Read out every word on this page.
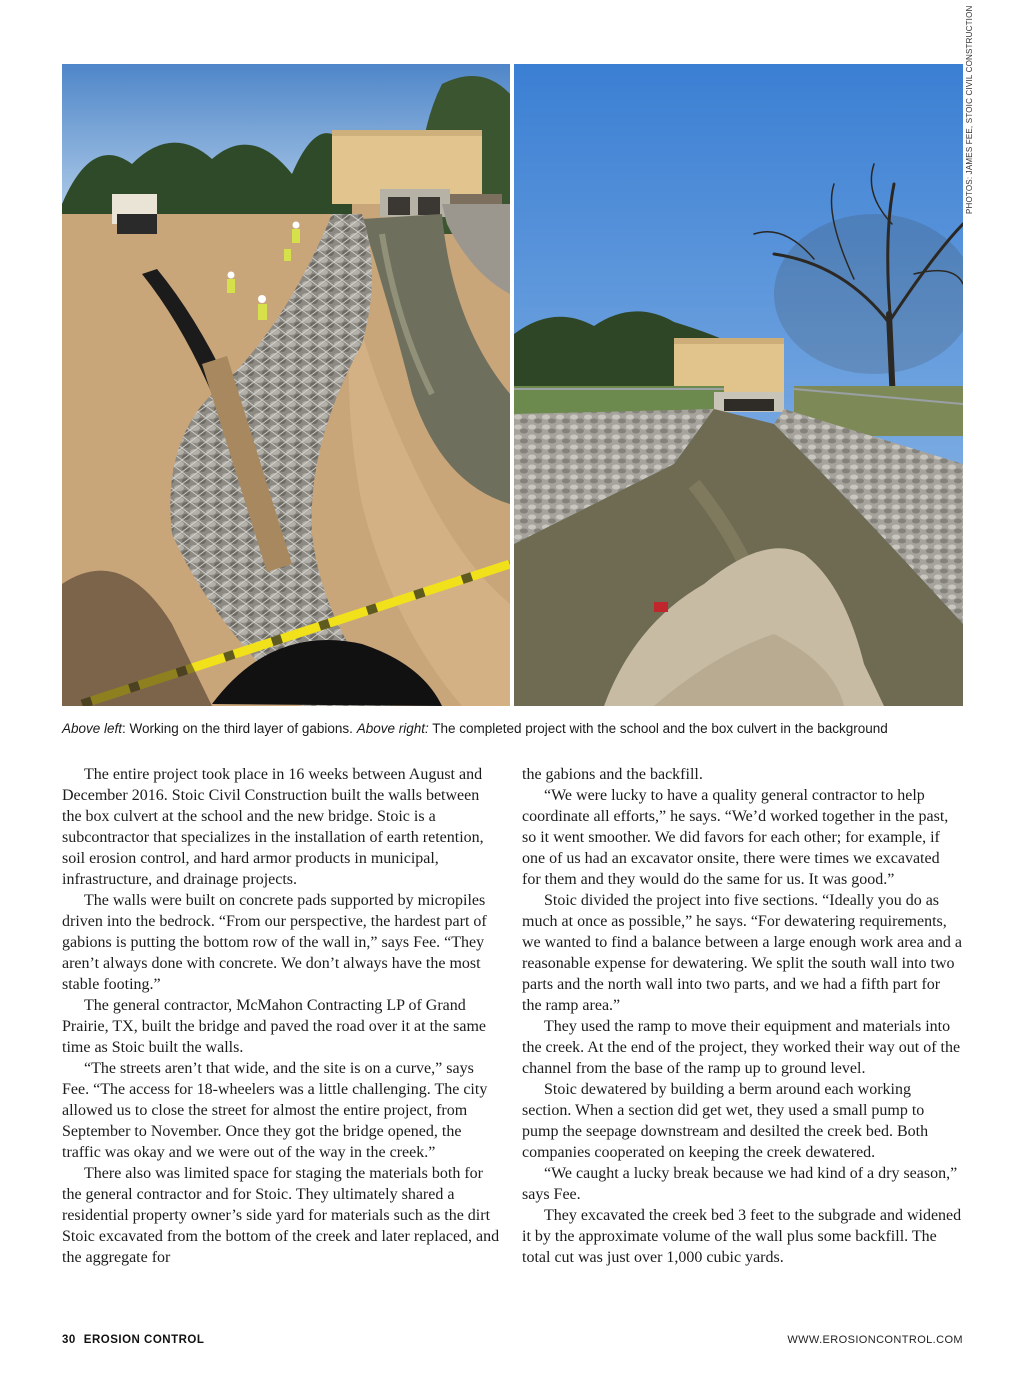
PHOTOS: JAMES FEE, STOIC CIVIL CONSTRUCTION
Above left: Working on the third layer of gabions. Above right: The completed project with the school and the box culvert in the background

The entire project took place in 16 weeks between August and December 2016. Stoic Civil Construction built the walls between the box culvert at the school and the new bridge. Stoic is a subcontractor that specializes in the installation of earth retention, soil erosion control, and hard armor products in municipal, infrastructure, and drainage projects.

The walls were built on concrete pads supported by micropiles driven into the bedrock. “From our perspective, the hardest part of gabions is putting the bottom row of the wall in,” says Fee. “They aren’t always done with concrete. We don’t always have the most stable footing.”

The general contractor, McMahon Contracting LP of Grand Prairie, TX, built the bridge and paved the road over it at the same time as Stoic built the walls.

“The streets aren’t that wide, and the site is on a curve,” says Fee. “The access for 18-wheelers was a little challenging. The city allowed us to close the street for almost the entire project, from September to November. Once they got the bridge opened, the traffic was okay and we were out of the way in the creek.”

There also was limited space for staging the materials both for the general contractor and for Stoic. They ultimately shared a residential property owner’s side yard for materials such as the dirt Stoic excavated from the bottom of the creek and later replaced, and the aggregate for

the gabions and the backfill.

“We were lucky to have a quality general contractor to help coordinate all efforts,” he says. “We’d worked together in the past, so it went smoother. We did favors for each other; for example, if one of us had an excavator onsite, there were times we excavated for them and they would do the same for us. It was good.”

Stoic divided the project into five sections. “Ideally you do as much at once as possible,” he says. “For dewatering requirements, we wanted to find a balance between a large enough work area and a reasonable expense for dewatering. We split the south wall into two parts and the north wall into two parts, and we had a fifth part for the ramp area.”

They used the ramp to move their equipment and materials into the creek. At the end of the project, they worked their way out of the channel from the base of the ramp up to ground level.

Stoic dewatered by building a berm around each working section. When a section did get wet, they used a small pump to pump the seepage downstream and desilted the creek bed. Both companies cooperated on keeping the creek dewatered.

“We caught a lucky break because we had kind of a dry season,” says Fee.

They excavated the creek bed 3 feet to the subgrade and widened it by the approximate volume of the wall plus some backfill. The total cut was just over 1,000 cubic yards.

30 EROSION CONTROL	WWW.EROSIONCONTROL.COM
